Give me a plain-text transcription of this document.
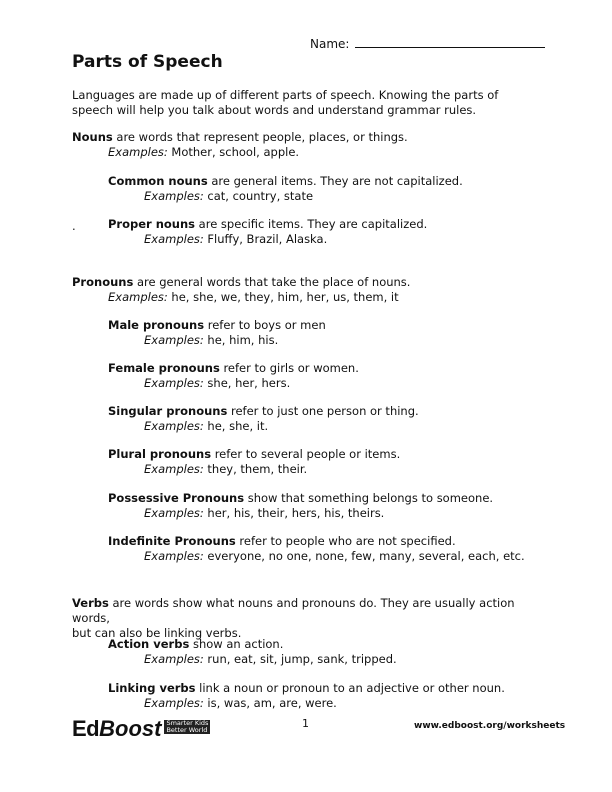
Name:
Parts of Speech
Languages are made up of different parts of speech. Knowing the parts of speech will help you talk about words and understand grammar rules.
Nouns are words that represent people, places, or things.
Examples: Mother, school, apple.
Common nouns are general items. They are not capitalized.
Examples: cat, country, state
.	Proper nouns are specific items. They are capitalized.
Examples: Fluffy, Brazil, Alaska.
Pronouns are general words that take the place of nouns.
Examples: he, she, we, they, him, her, us, them, it
Male pronouns refer to boys or men
Examples: he, him, his.
Female pronouns refer to girls or women.
Examples: she, her, hers.
Singular pronouns refer to just one person or thing.
Examples: he, she, it.
Plural pronouns refer to several people or items.
Examples: they, them, their.
Possessive Pronouns show that something belongs to someone.
Examples: her, his, their, hers, his, theirs.
Indefinite Pronouns refer to people who are not specified.
Examples: everyone, no one, none, few, many, several, each, etc.
Verbs are words show what nouns and pronouns do. They are usually action words,
but can also be linking verbs.
Action verbs show an action.
Examples: run, eat, sit, jump, sank, tripped.
Linking verbs link a noun or pronoun to an adjective or other noun.
Examples: is, was, am, are, were.
EdBoost Smarter Kids
Better World	1	www.edboost.org/worksheets
